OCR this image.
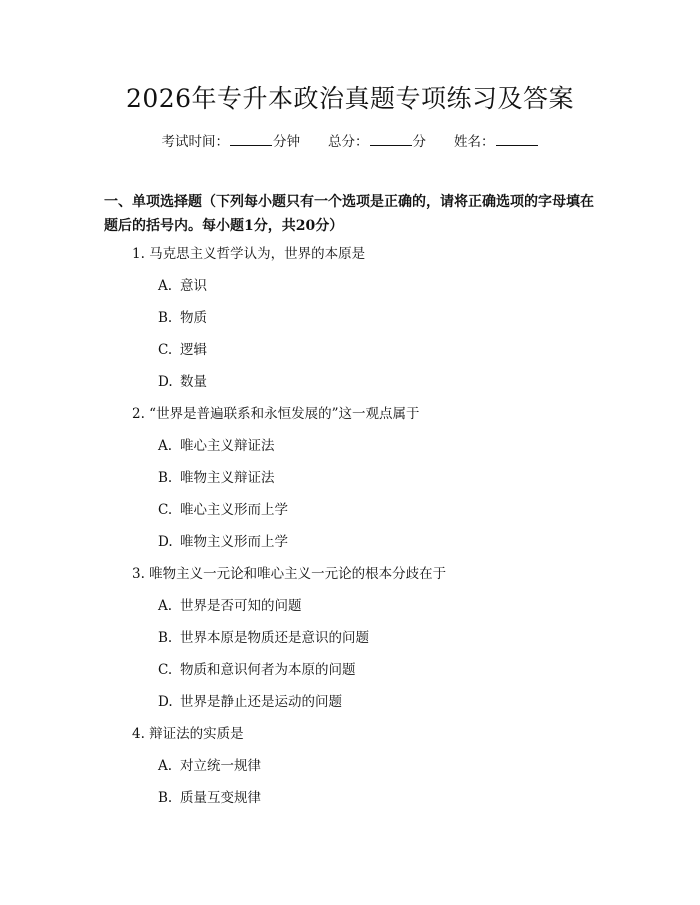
2026年专升本政治真题专项练习及答案
考试时间：	分钟 总分：	分 姓名：

一、单项选择题（下列每小题只有一个选项是正确的，请将正确选项的字母填在题后的括号内。每小题1分，共20分）

1. 马克思主义哲学认为，世界的本原是
A. 意识
B. 物质
C. 逻辑
D. 数量
2. “世界是普遍联系和永恒发展的”这一观点属于
A. 唯心主义辩证法
B. 唯物主义辩证法
C. 唯心主义形而上学
D. 唯物主义形而上学
3. 唯物主义一元论和唯心主义一元论的根本分歧在于
A. 世界是否可知的问题
B. 世界本原是物质还是意识的问题
C. 物质和意识何者为本原的问题
D. 世界是静止还是运动的问题
4. 辩证法的实质是
A. 对立统一规律
B. 质量互变规律
